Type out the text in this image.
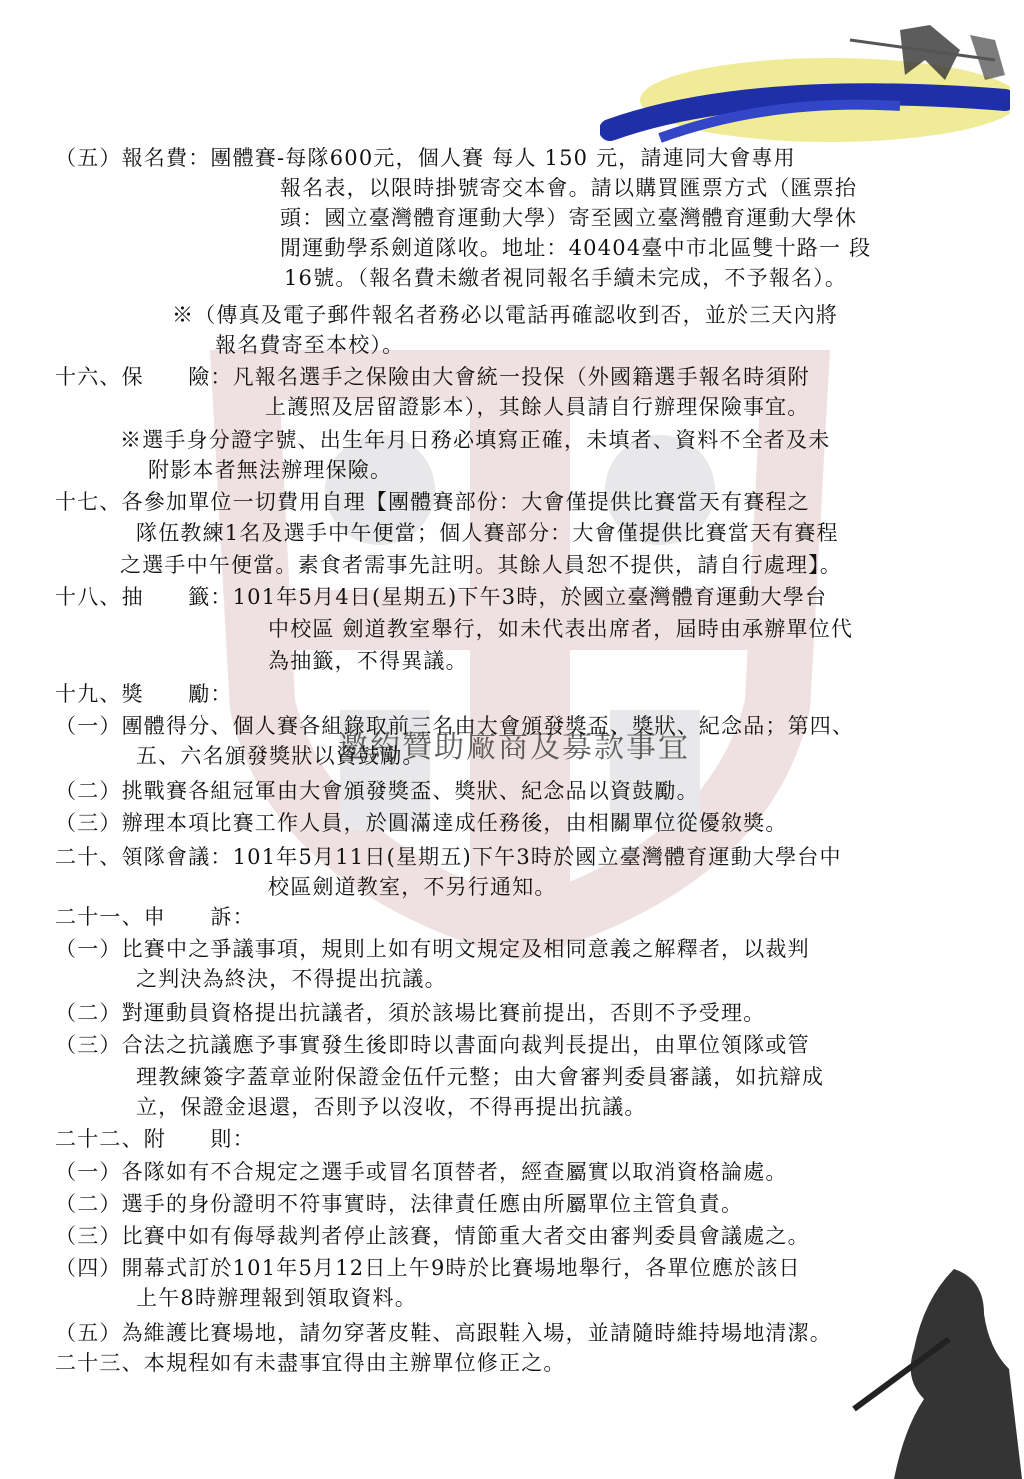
邀約贊助廠商及募款事宜
（五）報名費：團體賽-每隊600元，個人賽 每人 150 元，請連同大會專用
報名表，以限時掛號寄交本會。請以購買匯票方式（匯票抬
頭：國立臺灣體育運動大學）寄至國立臺灣體育運動大學休
閒運動學系劍道隊收。地址：40404臺中市北區雙十路一 段
16號。（報名費未繳者視同報名手續未完成，不予報名）。
※（傳真及電子郵件報名者務必以電話再確認收到否，並於三天內將
報名費寄至本校）。
十六、保　　險：凡報名選手之保險由大會統一投保（外國籍選手報名時須附
上護照及居留證影本），其餘人員請自行辦理保險事宜。
※選手身分證字號、出生年月日務必填寫正確，未填者、資料不全者及未
附影本者無法辦理保險。
十七、各參加單位一切費用自理【團體賽部份：大會僅提供比賽當天有賽程之
隊伍教練1名及選手中午便當；個人賽部分：大會僅提供比賽當天有賽程
之選手中午便當。素食者需事先註明。其餘人員恕不提供，請自行處理】。
十八、抽　　籤：101年5月4日(星期五)下午3時，於國立臺灣體育運動大學台
中校區 劍道教室舉行，如未代表出席者，屆時由承辦單位代
為抽籤，不得異議。
十九、獎　　勵：
（一）團體得分、個人賽各組錄取前三名由大會頒發獎盃、獎狀、紀念品；第四、
五、六名頒發獎狀以資鼓勵。
（二）挑戰賽各組冠軍由大會頒發獎盃、獎狀、紀念品以資鼓勵。
（三）辦理本項比賽工作人員，於圓滿達成任務後，由相關單位從優敘獎。
二十、領隊會議：101年5月11日(星期五)下午3時於國立臺灣體育運動大學台中
校區劍道教室，不另行通知。
二十一、申　　訴：
（一）比賽中之爭議事項，規則上如有明文規定及相同意義之解釋者，以裁判
之判決為終決，不得提出抗議。
（二）對運動員資格提出抗議者，須於該場比賽前提出，否則不予受理。
（三）合法之抗議應予事實發生後即時以書面向裁判長提出，由單位領隊或管
理教練簽字蓋章並附保證金伍仟元整；由大會審判委員審議，如抗辯成
立，保證金退還，否則予以沒收，不得再提出抗議。
二十二、附　　則：
（一）各隊如有不合規定之選手或冒名頂替者，經查屬實以取消資格論處。
（二）選手的身份證明不符事實時，法律責任應由所屬單位主管負責。
（三）比賽中如有侮辱裁判者停止該賽，情節重大者交由審判委員會議處之。
（四）開幕式訂於101年5月12日上午9時於比賽場地舉行，各單位應於該日
上午8時辦理報到領取資料。
（五）為維護比賽場地，請勿穿著皮鞋、高跟鞋入場，並請隨時維持場地清潔。
二十三、本規程如有未盡事宜得由主辦單位修正之。
